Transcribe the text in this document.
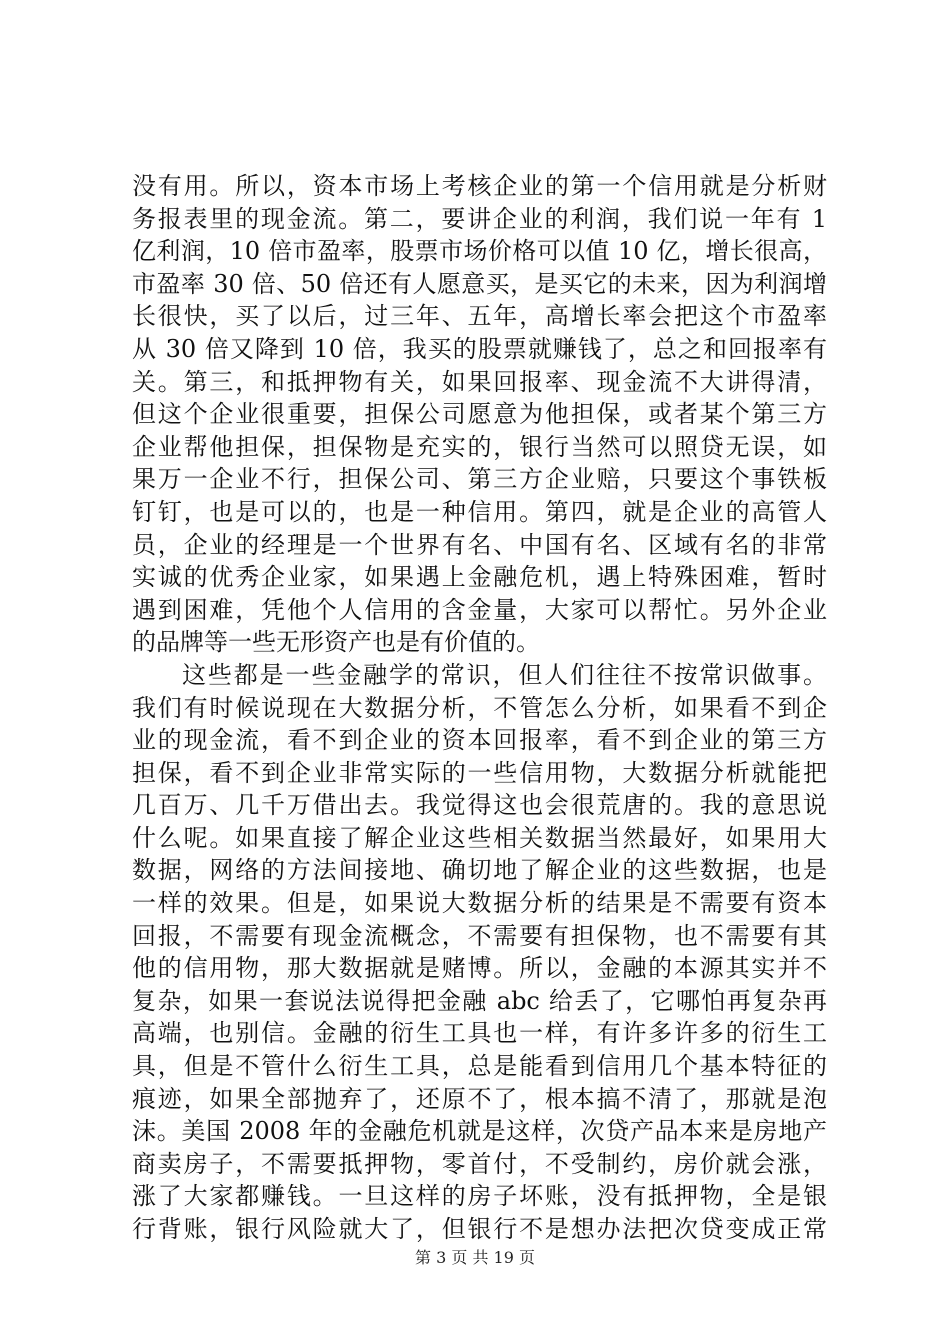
没有用。所以，资本市场上考核企业的第一个信用就是分析财
务报表里的现金流。第二，要讲企业的利润，我们说一年有 1
亿利润，10 倍市盈率，股票市场价格可以值 10 亿，增长很高，
市盈率 30 倍、50 倍还有人愿意买，是买它的未来，因为利润增
长很快，买了以后，过三年、五年，高增长率会把这个市盈率
从 30 倍又降到 10 倍，我买的股票就赚钱了，总之和回报率有
关。第三，和抵押物有关，如果回报率、现金流不大讲得清，
但这个企业很重要，担保公司愿意为他担保，或者某个第三方
企业帮他担保，担保物是充实的，银行当然可以照贷无误，如
果万一企业不行，担保公司、第三方企业赔，只要这个事铁板
钉钉，也是可以的，也是一种信用。第四，就是企业的高管人
员，企业的经理是一个世界有名、中国有名、区域有名的非常
实诚的优秀企业家，如果遇上金融危机，遇上特殊困难，暂时
遇到困难，凭他个人信用的含金量，大家可以帮忙。另外企业
的品牌等一些无形资产也是有价值的。
这些都是一些金融学的常识，但人们往往不按常识做事。
我们有时候说现在大数据分析，不管怎么分析，如果看不到企
业的现金流，看不到企业的资本回报率，看不到企业的第三方
担保，看不到企业非常实际的一些信用物，大数据分析就能把
几百万、几千万借出去。我觉得这也会很荒唐的。我的意思说
什么呢。如果直接了解企业这些相关数据当然最好，如果用大
数据，网络的方法间接地、确切地了解企业的这些数据，也是
一样的效果。但是，如果说大数据分析的结果是不需要有资本
回报，不需要有现金流概念，不需要有担保物，也不需要有其
他的信用物，那大数据就是赌博。所以，金融的本源其实并不
复杂，如果一套说法说得把金融 abc 给丢了，它哪怕再复杂再
高端，也别信。金融的衍生工具也一样，有许多许多的衍生工
具，但是不管什么衍生工具，总是能看到信用几个基本特征的
痕迹，如果全部抛弃了，还原不了，根本搞不清了，那就是泡
沫。美国 2008 年的金融危机就是这样，次贷产品本来是房地产
商卖房子，不需要抵押物，零首付，不受制约，房价就会涨，
涨了大家都赚钱。一旦这样的房子坏账，没有抵押物，全是银
行背账，银行风险就大了，但银行不是想办法把次贷变成正常
第 3 页 共 19 页
